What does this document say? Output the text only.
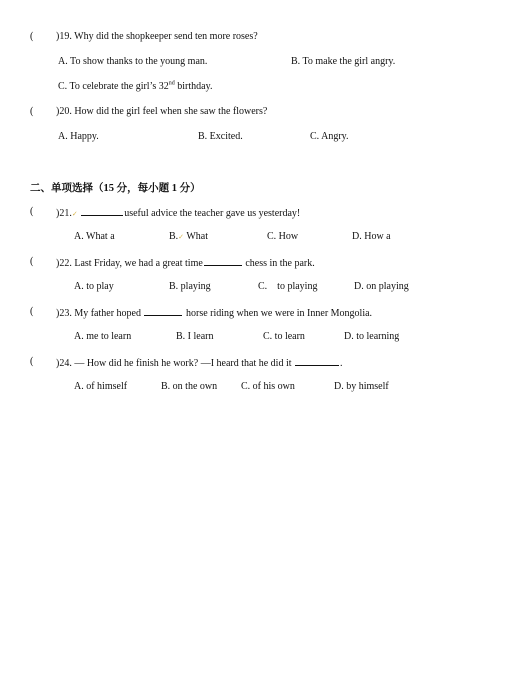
( )19. Why did the shopkeeper send ten more roses?
A. To show thanks to the young man.	B. To make the girl angry.
C. To celebrate the girl’s 32nd birthday.
( )20. How did the girl feel when she saw the flowers?
A. Happy.	B. Excited.	C. Angry.
二、单项选择（15 分，每小题 1 分）
( )21.✓	useful advice the teacher gave us yesterday!
A. What a	B.✓ What	C. How	D. How a
( )22. Last Friday, we had a great time	chess in the park.
A. to play	B. playing	C.    to playing	D. on playing
( )23. My father hoped	horse riding when we were in Inner Mongolia.
A. me to learn	B. I learn	C. to learn	D. to learning
( )24. — How did he finish he work? —I heard that he did it	.
A. of himself	B. on the own C. of his own	D. by himself
